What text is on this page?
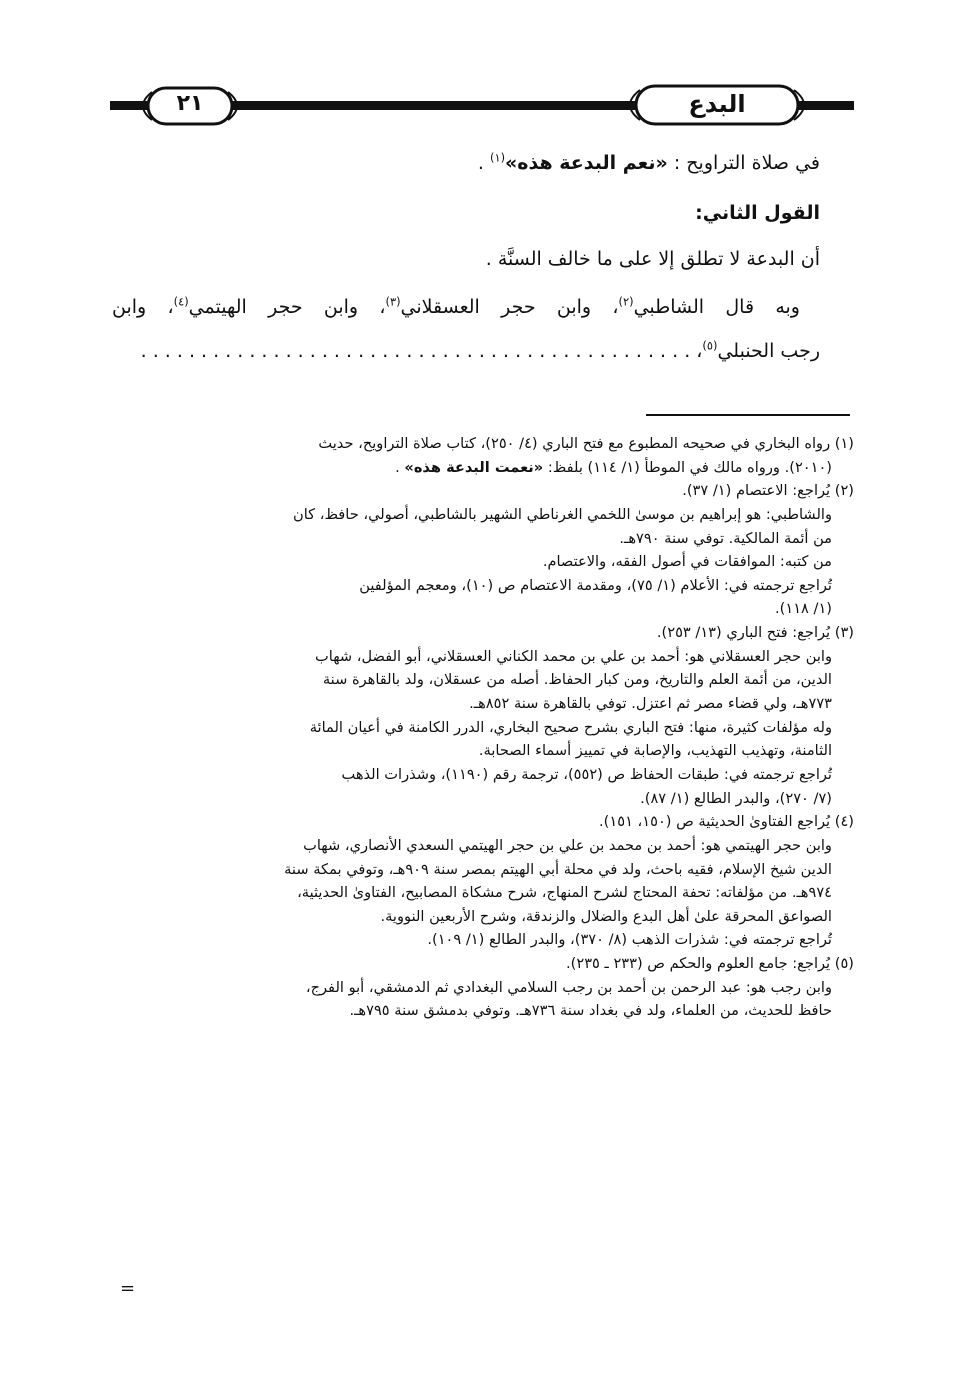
البدع
٢١

في صلاة التراويح : «نعم البدعة هذه»$^{(١)}$ .

القول الثاني:

أن البدعة لا تطلق إلا على ما خالف السنَّة .

وبه قال الشاطبي$^{(٢)}$، وابن حجر العسقلاني$^{(٣)}$، وابن حجر الهيتمي$^{(٤)}$، وابن

رجب الحنبلي$^{(٥)}$، . . . . . . . . . . . . . . . . . . . . . . . . . . . . . . . . . . . . . . . . . . . . . .

(١) رواه البخاري في صحيحه المطبوع مع فتح الباري (٤/ ٢٥٠)، كتاب صلاة التراويح، حديث
(٢٠١٠). ورواه مالك في الموطأ (١/ ١١٤) بلفظ: «نعمت البدعة هذه» .
(٢) يُراجع: الاعتصام (١/ ٣٧).
والشاطبي: هو إبراهيم بن موسىٰ اللخمي الغرناطي الشهير بالشاطبي، أصولي، حافظ، كان
من أئمة المالكية. توفي سنة ٧٩٠هـ.
من كتبه: الموافقات في أصول الفقه، والاعتصام.
تُراجع ترجمته في: الأعلام (١/ ٧٥)، ومقدمة الاعتصام ص (١٠)، ومعجم المؤلفين
(١/ ١١٨).
(٣) يُراجع: فتح الباري (١٣/ ٢٥٣).
وابن حجر العسقلاني هو: أحمد بن علي بن محمد الكناني العسقلاني، أبو الفضل، شهاب
الدين، من أئمة العلم والتاريخ، ومن كبار الحفاظ. أصله من عسقلان، ولد بالقاهرة سنة
٧٧٣هـ، ولي قضاء مصر ثم اعتزل. توفي بالقاهرة سنة ٨٥٢هـ.
وله مؤلفات كثيرة، منها: فتح الباري بشرح صحيح البخاري، الدرر الكامنة في أعيان المائة
الثامنة، وتهذيب التهذيب، والإصابة في تمييز أسماء الصحابة.
تُراجع ترجمته في: طبقات الحفاظ ص (٥٥٢)، ترجمة رقم (١١٩٠)، وشذرات الذهب
(٧/ ٢٧٠)، والبدر الطالع (١/ ٨٧).
(٤) يُراجع الفتاوىٰ الحديثية ص (١٥٠، ١٥١).
وابن حجر الهيتمي هو: أحمد بن محمد بن علي بن حجر الهيتمي السعدي الأنصاري، شهاب
الدين شيخ الإسلام، فقيه باحث، ولد في محلة أبي الهيتم بمصر سنة ٩٠٩هـ، وتوفي بمكة سنة
٩٧٤هـ. من مؤلفاته: تحفة المحتاج لشرح المنهاج، شرح مشكاة المصابيح، الفتاوىٰ الحديثية،
الصواعق المحرقة علىٰ أهل البدع والضلال والزندقة، وشرح الأربعين النووية.
تُراجع ترجمته في: شذرات الذهب (٨/ ٣٧٠)، والبدر الطالع (١/ ١٠٩).
(٥) يُراجع: جامع العلوم والحكم ص (٢٣٣ ـ ٢٣٥).
وابن رجب هو: عبد الرحمن بن أحمد بن رجب السلامي البغدادي ثم الدمشقي، أبو الفرج،
حافظ للحديث، من العلماء، ولد في بغداد سنة ٧٣٦هـ. وتوفي بدمشق سنة ٧٩٥هـ.
=
